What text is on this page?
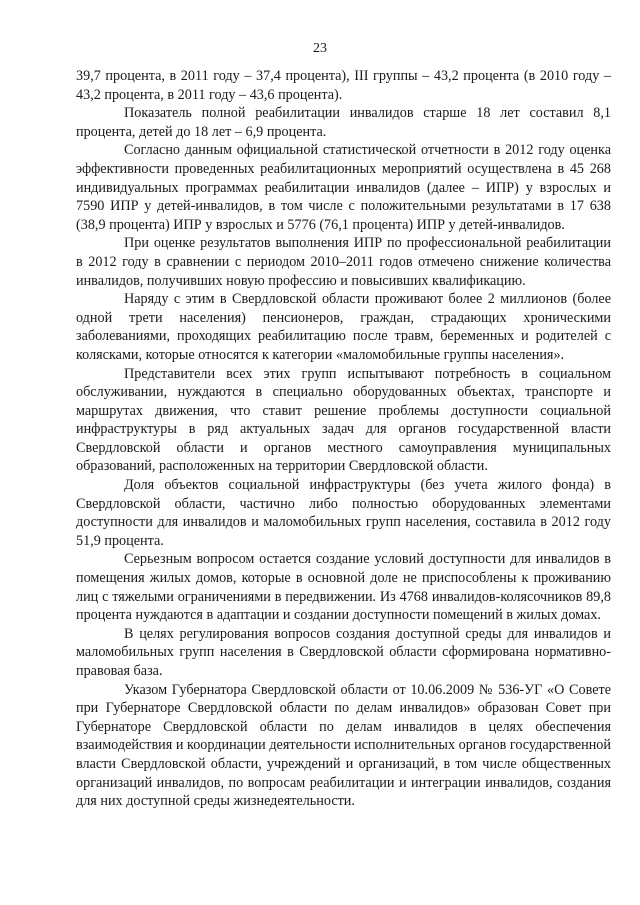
23

39,7 процента, в 2011 году – 37,4 процента), III группы – 43,2 процента (в 2010 году – 43,2 процента, в 2011 году – 43,6 процента).

Показатель полной реабилитации инвалидов старше 18 лет составил 8,1 процента, детей до 18 лет – 6,9 процента.

Согласно данным официальной статистической отчетности в 2012 году оценка эффективности проведенных реабилитационных мероприятий осуществлена в 45 268 индивидуальных программах реабилитации инвалидов (далее – ИПР) у взрослых и 7590 ИПР у детей-инвалидов, в том числе с положительными результатами в 17 638 (38,9 процента) ИПР у взрослых и 5776 (76,1 процента) ИПР у детей-инвалидов.

При оценке результатов выполнения ИПР по профессиональной реабилитации в 2012 году в сравнении с периодом 2010–2011 годов отмечено снижение количества инвалидов, получивших новую профессию и повысивших квалификацию.

Наряду с этим в Свердловской области проживают более 2 миллионов (более одной трети населения) пенсионеров, граждан, страдающих хроническими заболеваниями, проходящих реабилитацию после травм, беременных и родителей с колясками, которые относятся к категории «маломобильные группы населения».

Представители всех этих групп испытывают потребность в социальном обслуживании, нуждаются в специально оборудованных объектах, транспорте и маршрутах движения, что ставит решение проблемы доступности социальной инфраструктуры в ряд актуальных задач для органов государственной власти Свердловской области и органов местного самоуправления муниципальных образований, расположенных на территории Свердловской области.

Доля объектов социальной инфраструктуры (без учета жилого фонда) в Свердловской области, частично либо полностью оборудованных элементами доступности для инвалидов и маломобильных групп населения, составила в 2012 году 51,9 процента.

Серьезным вопросом остается создание условий доступности для инвалидов в помещения жилых домов, которые в основной доле не приспособлены к проживанию лиц с тяжелыми ограничениями в передвижении. Из 4768 инвалидов-колясочников 89,8 процента нуждаются в адаптации и создании доступности помещений в жилых домах.

В целях регулирования вопросов создания доступной среды для инвалидов и маломобильных групп населения в Свердловской области сформирована нормативно-правовая база.

Указом Губернатора Свердловской области от 10.06.2009 № 536-УГ «О Совете при Губернаторе Свердловской области по делам инвалидов» образован Совет при Губернаторе Свердловской области по делам инвалидов в целях обеспечения взаимодействия и координации деятельности исполнительных органов государственной власти Свердловской области, учреждений и организаций, в том числе общественных организаций инвалидов, по вопросам реабилитации и интеграции инвалидов, создания для них доступной среды жизнедеятельности.
